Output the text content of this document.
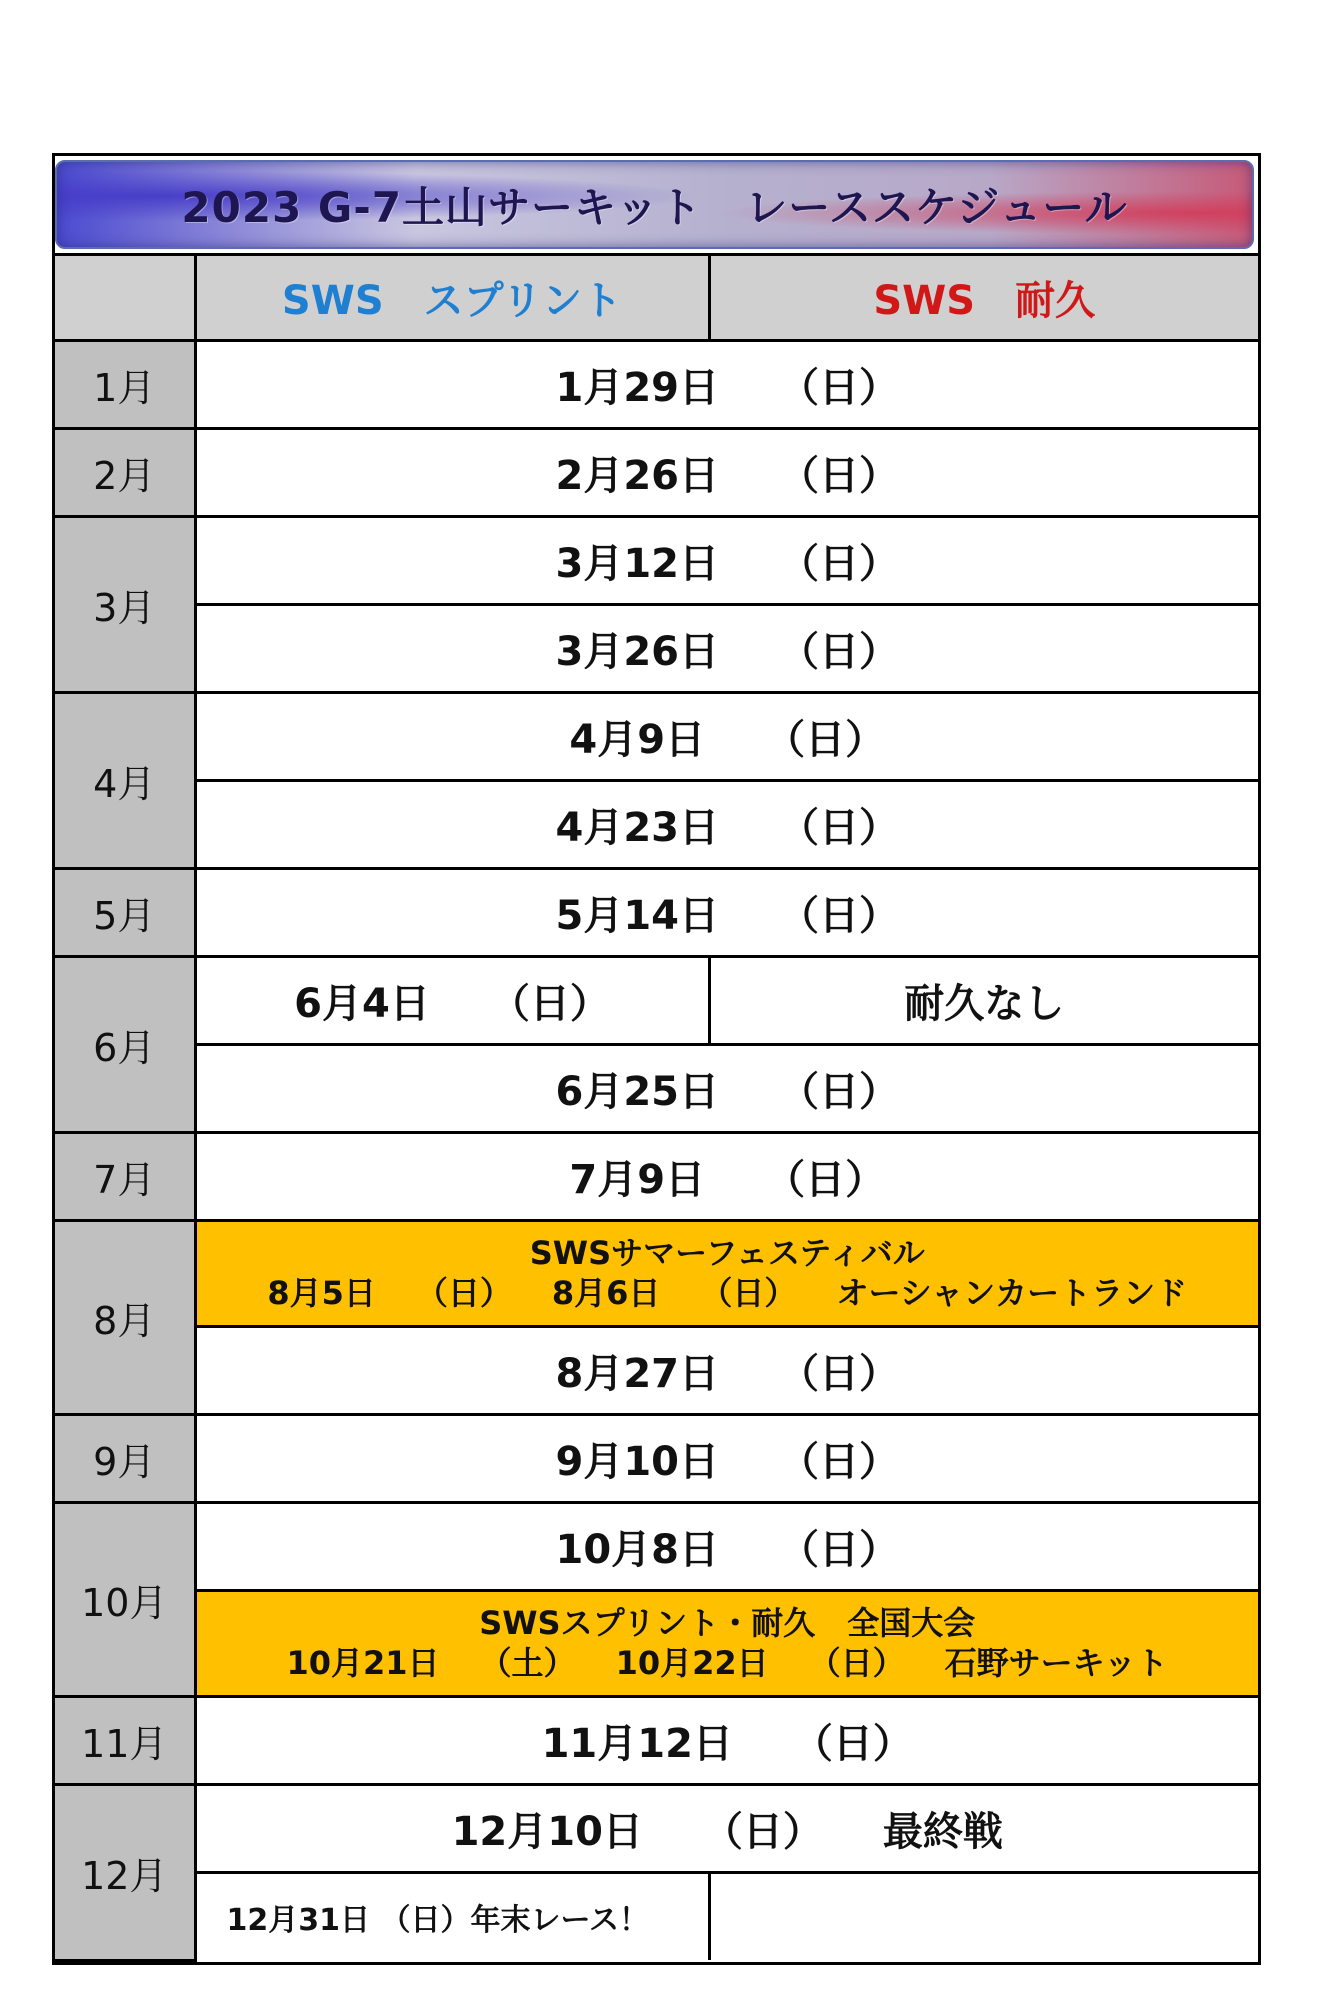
2023 G-7土山サーキット　レーススケジュール
	SWS　スプリント	SWS　耐久
1月	1月29日 （日）	
2月	2月26日 （日）	
3月	3月12日 （日）	
	3月26日 （日）	
4月	4月9日 （日）	
	4月23日 （日）	
5月	5月14日 （日）	
6月	6月4日 （日）	耐久なし
	6月25日 （日）	
7月	7月9日 （日）	
8月	SWSサマーフェスティバル
8月5日 （日） 8月6日 （日） オーシャンカートランド	

	8月27日 （日）	
9月	9月10日 （日）	
10月	10月8日 （日）	

	SWSスプリント・耐久　全国大会
10月21日 （土） 10月22日 （日） 石野サーキット	

11月	11月12日 （日）	
12月	12月10日 （日） 最終戦	
	12月31日 （日）年末レース！	
